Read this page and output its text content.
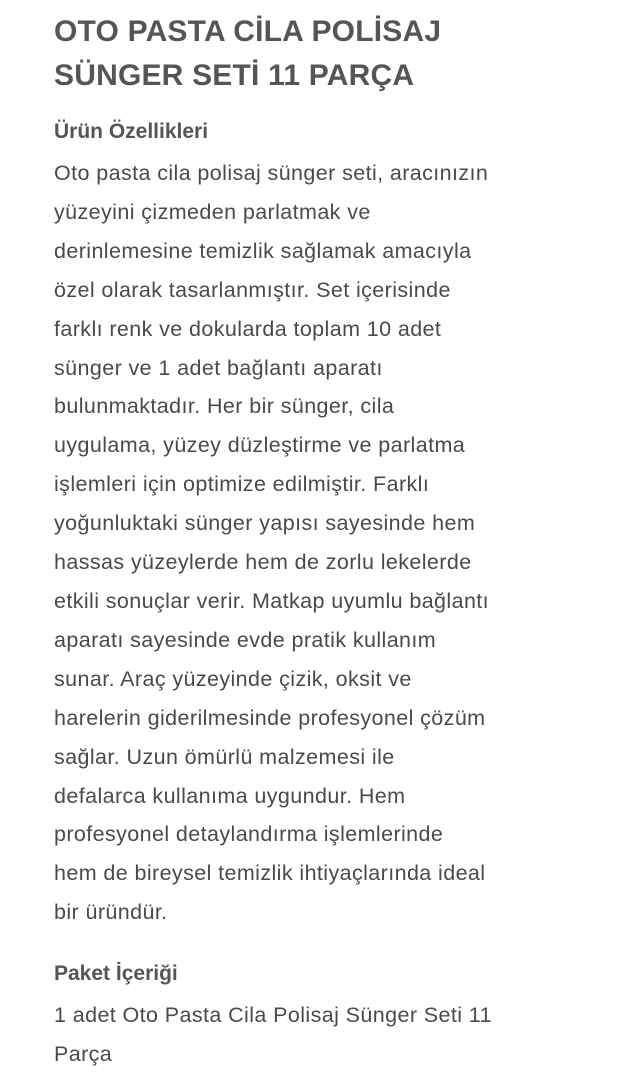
OTO PASTA CİLA POLİSAJ
SÜNGER SETİ 11 PARÇA
Ürün Özellikleri

Oto pasta cila polisaj sünger seti, aracınızın
yüzeyini çizmeden parlatmak ve
derinlemesine temizlik sağlamak amacıyla
özel olarak tasarlanmıştır. Set içerisinde
farklı renk ve dokularda toplam 10 adet
sünger ve 1 adet bağlantı aparatı
bulunmaktadır. Her bir sünger, cila
uygulama, yüzey düzleştirme ve parlatma
işlemleri için optimize edilmiştir. Farklı
yoğunluktaki sünger yapısı sayesinde hem
hassas yüzeylerde hem de zorlu lekelerde
etkili sonuçlar verir. Matkap uyumlu bağlantı
aparatı sayesinde evde pratik kullanım
sunar. Araç yüzeyinde çizik, oksit ve
harelerin giderilmesinde profesyonel çözüm
sağlar. Uzun ömürlü malzemesi ile
defalarca kullanıma uygundur. Hem
profesyonel detaylandırma işlemlerinde
hem de bireysel temizlik ihtiyaçlarında ideal
bir üründür.

Paket İçeriği

1 adet Oto Pasta Cila Polisaj Sünger Seti 11
Parça
